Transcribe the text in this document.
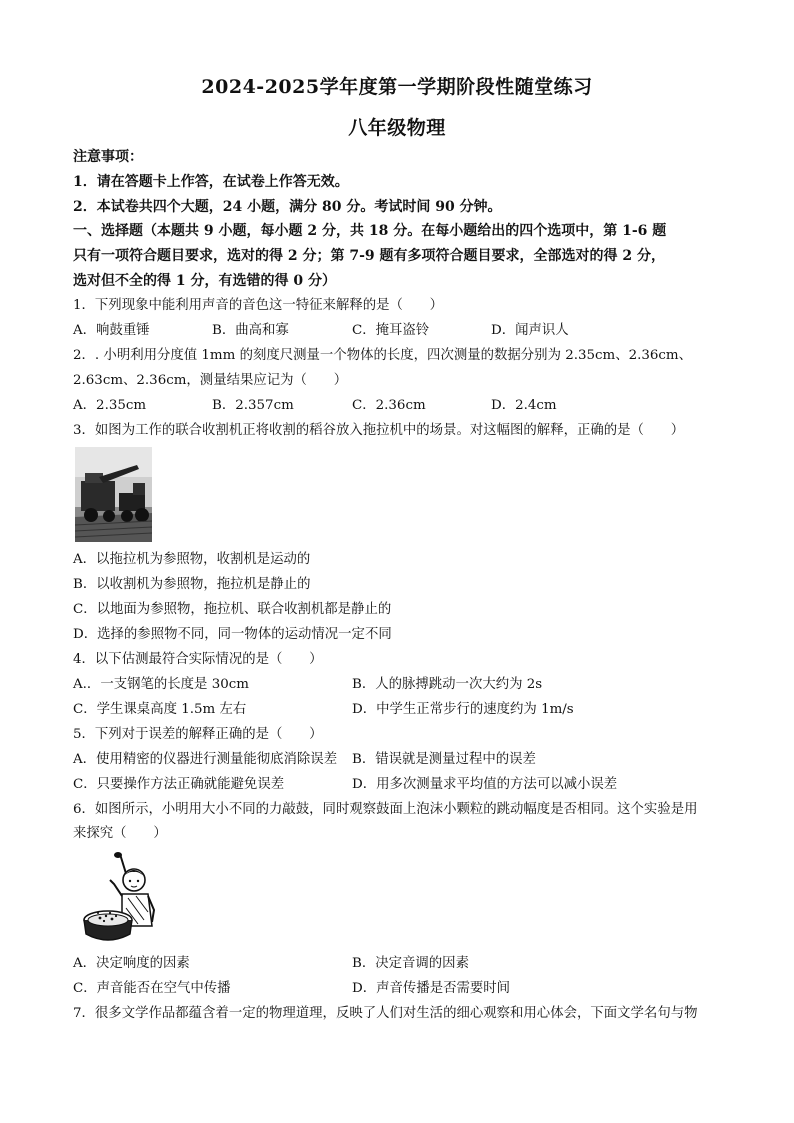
2024-2025学年度第一学期阶段性随堂练习
八年级物理
注意事项：
1．请在答题卡上作答，在试卷上作答无效。
2．本试卷共四个大题，24 小题，满分 80 分。考试时间 90 分钟。
一、选择题（本题共 9 小题，每小题 2 分，共 18 分。在每小题给出的四个选项中，第 1-6 题
只有一项符合题目要求，选对的得 2 分；第 7-9 题有多项符合题目要求，全部选对的得 2 分，
选对但不全的得 1 分，有选错的得 0 分）
1．下列现象中能利用声音的音色这一特征来解释的是（　　）
A．响鼓重锤	B．曲高和寡	C．掩耳盗铃	D．闻声识人
2．. 小明利用分度值 1mm 的刻度尺测量一个物体的长度，四次测量的数据分别为 2.35cm、2.36cm、
2.63cm、2.36cm，测量结果应记为（　　）
A．2.35cm	B．2.357cm	C．2.36cm	D．2.4cm
3．如图为工作的联合收割机正将收割的稻谷放入拖拉机中的场景。对这幅图的解释，正确的是（　　）
A．以拖拉机为参照物，收割机是运动的
B．以收割机为参照物，拖拉机是静止的
C．以地面为参照物，拖拉机、联合收割机都是静止的
D．选择的参照物不同，同一物体的运动情况一定不同
4．以下估测最符合实际情况的是（　　）
A.．一支钢笔的长度是 30cm	B．人的脉搏跳动一次大约为 2s
C．学生课桌高度 1.5m 左右	D．中学生正常步行的速度约为 1m/s
5．下列对于误差的解释正确的是（　　）
A．使用精密的仪器进行测量能彻底消除误差 B．错误就是测量过程中的误差
C．只要操作方法正确就能避免误差	D．用多次测量求平均值的方法可以减小误差
6．如图所示，小明用大小不同的力敲鼓，同时观察鼓面上泡沫小颗粒的跳动幅度是否相同。这个实验是用
来探究（　　）
A．决定响度的因素	B．决定音调的因素
C．声音能否在空气中传播	D．声音传播是否需要时间
7．很多文学作品都蕴含着一定的物理道理，反映了人们对生活的细心观察和用心体会，下面文学名句与物
